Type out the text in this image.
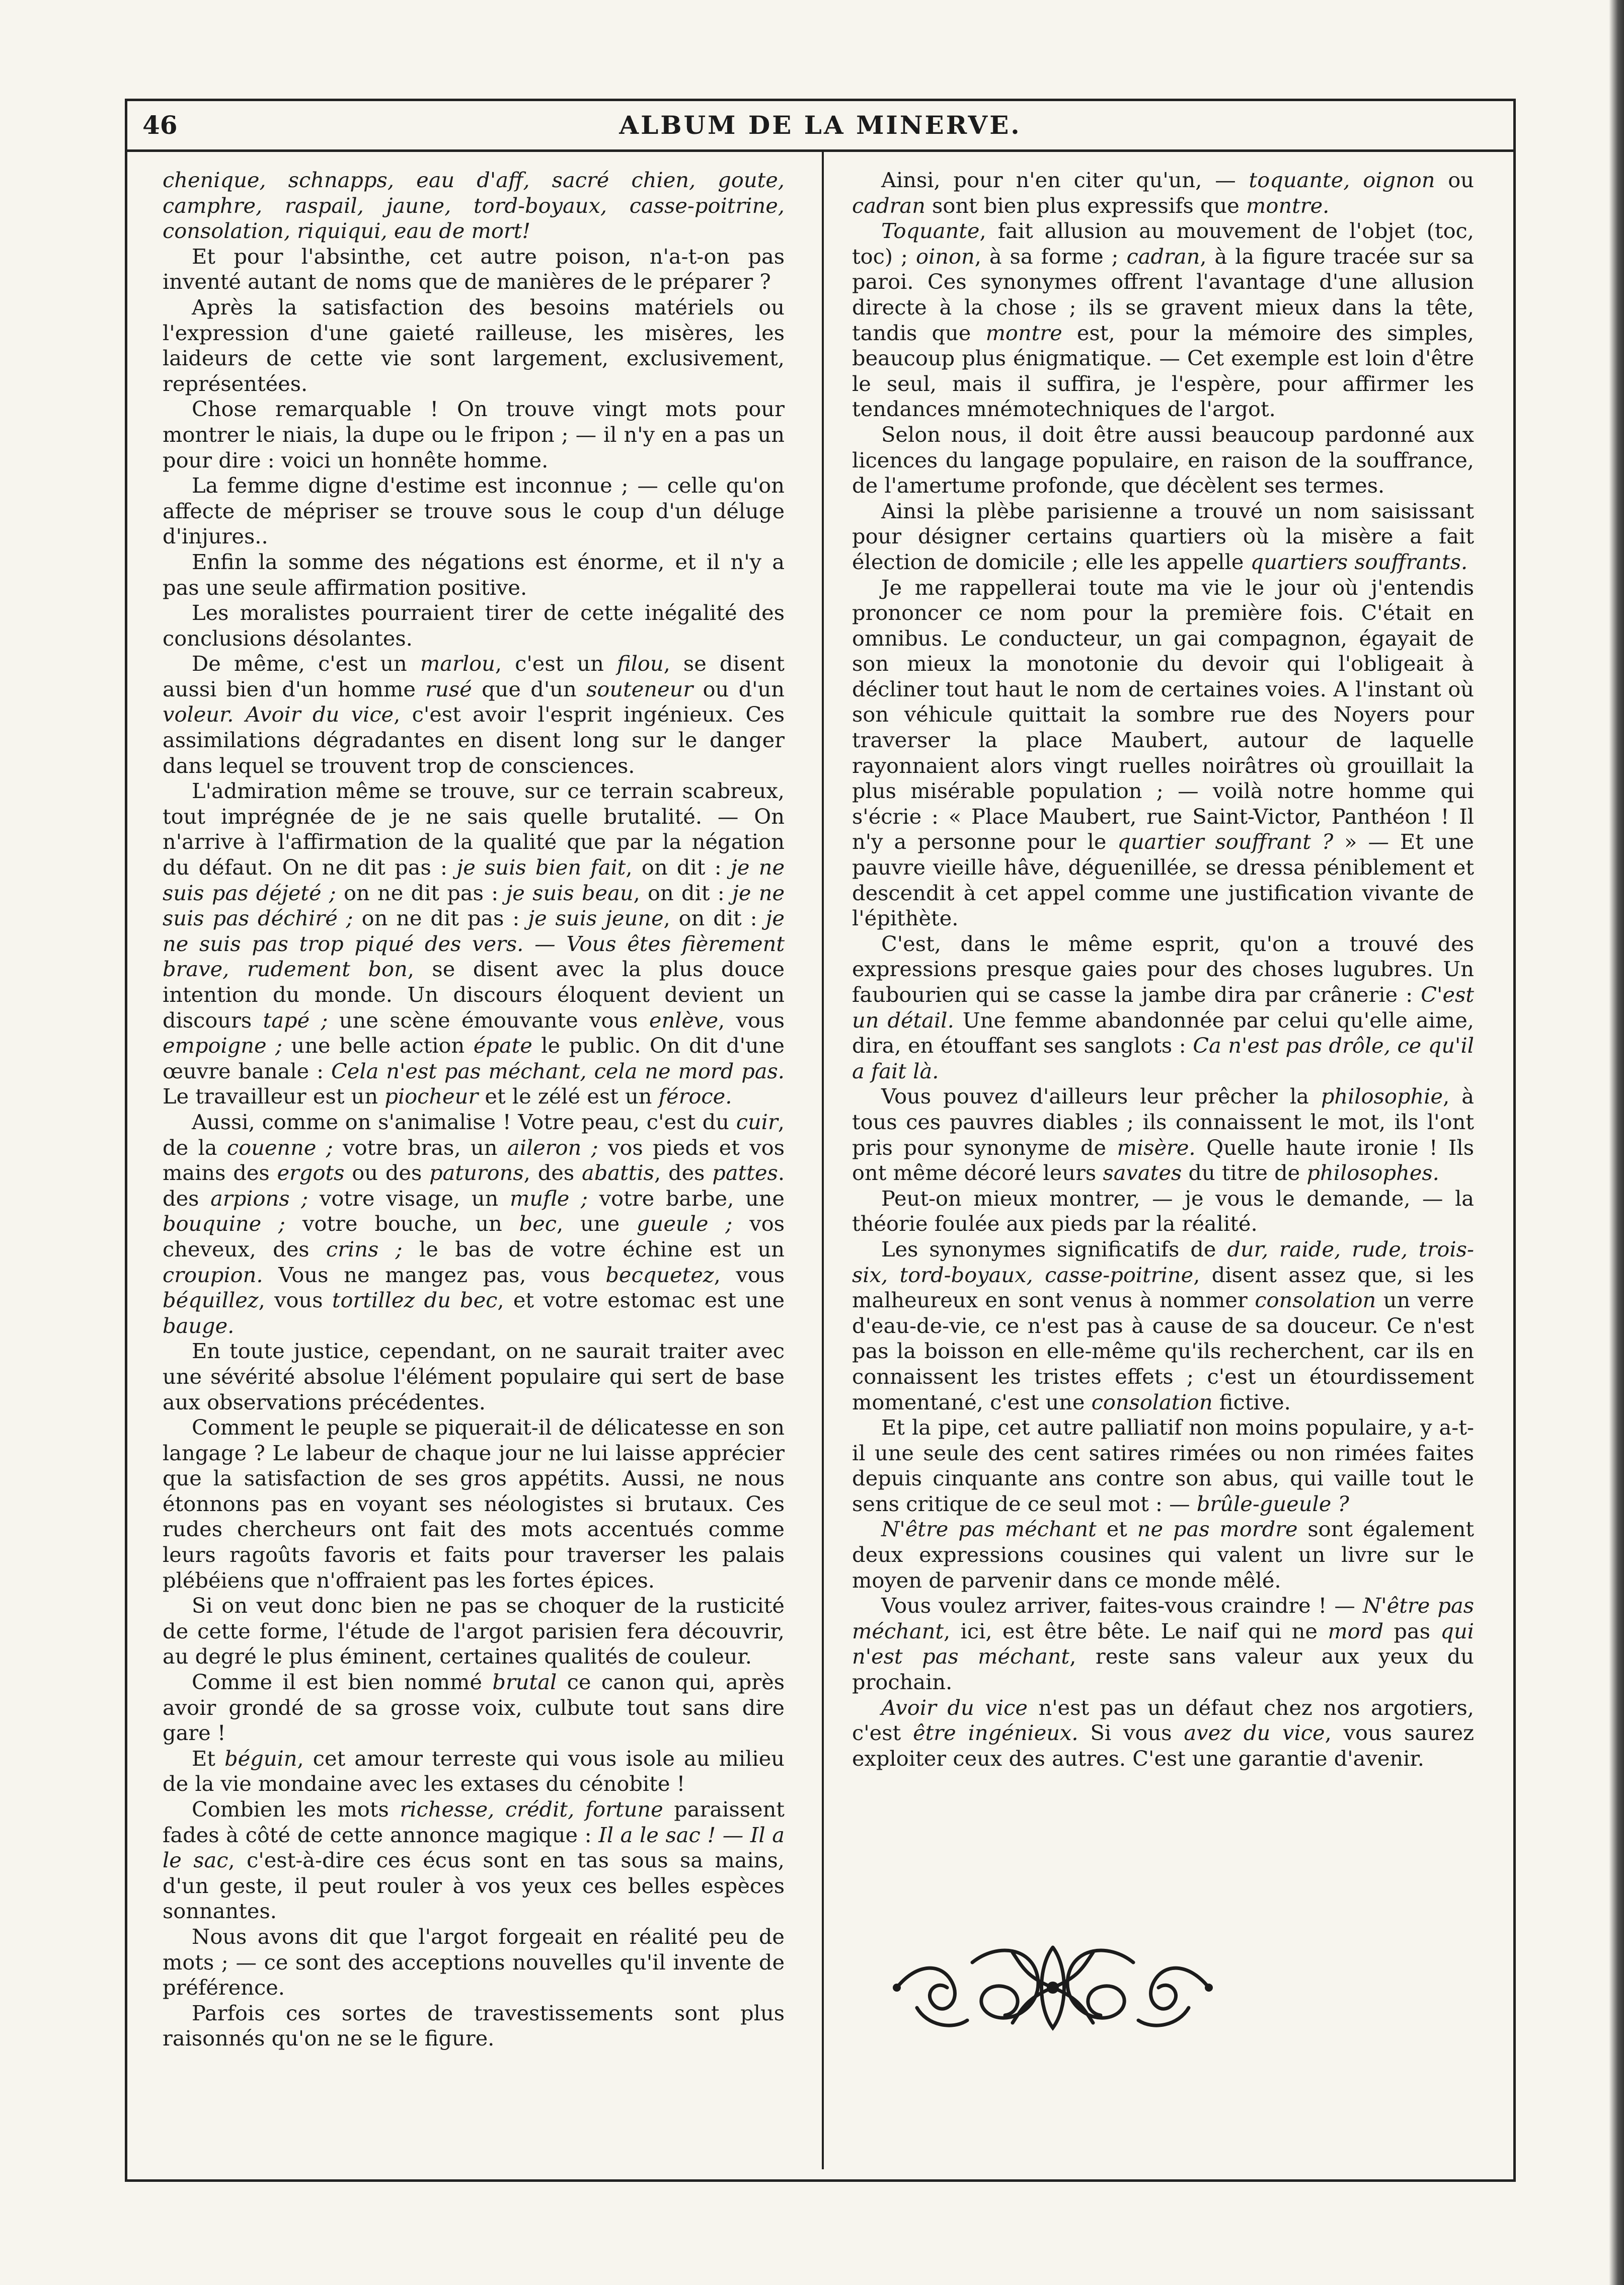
46	ALBUM DE LA MINERVE.

chenique, schnapps, eau d'aff, sacré chien, goute, camphre, raspail, jaune, tord-boyaux, casse-poitrine, consolation, riquiqui, eau de mort!

Et pour l'absinthe, cet autre poison, n'a-t-on pas inventé autant de noms que de manières de le préparer ?

Après la satisfaction des besoins matériels ou l'expression d'une gaieté railleuse, les misères, les laideurs de cette vie sont largement, exclusivement, représentées.

Chose remarquable ! On trouve vingt mots pour montrer le niais, la dupe ou le fripon ; — il n'y en a pas un pour dire : voici un honnête homme.

La femme digne d'estime est inconnue ; — celle qu'on affecte de mépriser se trouve sous le coup d'un déluge d'injures..

Enfin la somme des négations est énorme, et il n'y a pas une seule affirmation positive.

Les moralistes pourraient tirer de cette inégalité des conclusions désolantes.

De même, c'est un marlou, c'est un filou, se disent aussi bien d'un homme rusé que d'un souteneur ou d'un voleur. Avoir du vice, c'est avoir l'esprit ingénieux. Ces assimilations dégradantes en disent long sur le danger dans lequel se trouvent trop de consciences.

L'admiration même se trouve, sur ce terrain scabreux, tout imprégnée de je ne sais quelle brutalité. — On n'arrive à l'affirmation de la qualité que par la négation du défaut. On ne dit pas : je suis bien fait, on dit : je ne suis pas déjeté ; on ne dit pas : je suis beau, on dit : je ne suis pas déchiré ; on ne dit pas : je suis jeune, on dit : je ne suis pas trop piqué des vers. — Vous êtes fièrement brave, rudement bon, se disent avec la plus douce intention du monde. Un discours éloquent devient un discours tapé ; une scène émouvante vous enlève, vous empoigne ; une belle action épate le public. On dit d'une œuvre banale : Cela n'est pas méchant, cela ne mord pas. Le travailleur est un piocheur et le zélé est un féroce.

Aussi, comme on s'animalise ! Votre peau, c'est du cuir, de la couenne ; votre bras, un aileron ; vos pieds et vos mains des ergots ou des paturons, des abattis, des pattes. des arpions ; votre visage, un mufle ; votre barbe, une bouquine ; votre bouche, un bec, une gueule ; vos cheveux, des crins ; le bas de votre échine est un croupion. Vous ne mangez pas, vous becquetez, vous béquillez, vous tortillez du bec, et votre estomac est une bauge.

En toute justice, cependant, on ne saurait traiter avec une sévérité absolue l'élément populaire qui sert de base aux observations précédentes.

Comment le peuple se piquerait-il de délicatesse en son langage ? Le labeur de chaque jour ne lui laisse apprécier que la satisfaction de ses gros appétits. Aussi, ne nous étonnons pas en voyant ses néologistes si brutaux. Ces rudes chercheurs ont fait des mots accentués comme leurs ragoûts favoris et faits pour traverser les palais plébéiens que n'offraient pas les fortes épices.

Si on veut donc bien ne pas se choquer de la rusticité de cette forme, l'étude de l'argot parisien fera découvrir, au degré le plus éminent, certaines qualités de couleur.

Comme il est bien nommé brutal ce canon qui, après avoir grondé de sa grosse voix, culbute tout sans dire gare !

Et béguin, cet amour terreste qui vous isole au milieu de la vie mondaine avec les extases du cénobite !

Combien les mots richesse, crédit, fortune paraissent fades à côté de cette annonce magique : Il a le sac ! — Il a le sac, c'est-à-dire ces écus sont en tas sous sa mains, d'un geste, il peut rouler à vos yeux ces belles espèces sonnantes.

Nous avons dit que l'argot forgeait en réalité peu de mots ; — ce sont des acceptions nouvelles qu'il invente de préférence.

Parfois ces sortes de travestissements sont plus raisonnés qu'on ne se le figure.

Ainsi, pour n'en citer qu'un, — toquante, oignon ou cadran sont bien plus expressifs que montre.

Toquante, fait allusion au mouvement de l'objet (toc, toc) ; oinon, à sa forme ; cadran, à la figure tracée sur sa paroi. Ces synonymes offrent l'avantage d'une allusion directe à la chose ; ils se gravent mieux dans la tête, tandis que montre est, pour la mémoire des simples, beaucoup plus énigmatique. — Cet exemple est loin d'être le seul, mais il suffira, je l'espère, pour affirmer les tendances mnémotechniques de l'argot.

Selon nous, il doit être aussi beaucoup pardonné aux licences du langage populaire, en raison de la souffrance, de l'amertume profonde, que décèlent ses termes.

Ainsi la plèbe parisienne a trouvé un nom saisissant pour désigner certains quartiers où la misère a fait élection de domicile ; elle les appelle quartiers souffrants.

Je me rappellerai toute ma vie le jour où j'entendis prononcer ce nom pour la première fois. C'était en omnibus. Le conducteur, un gai compagnon, égayait de son mieux la monotonie du devoir qui l'obligeait à décliner tout haut le nom de certaines voies. A l'instant où son véhicule quittait la sombre rue des Noyers pour traverser la place Maubert, autour de laquelle rayonnaient alors vingt ruelles noirâtres où grouillait la plus misérable population ; — voilà notre homme qui s'écrie : « Place Maubert, rue Saint-Victor, Panthéon ! Il n'y a personne pour le quartier souffrant ? » — Et une pauvre vieille hâve, déguenillée, se dressa péniblement et descendit à cet appel comme une justification vivante de l'épithète.

C'est, dans le même esprit, qu'on a trouvé des expressions presque gaies pour des choses lugubres. Un faubourien qui se casse la jambe dira par crânerie : C'est un détail. Une femme abandonnée par celui qu'elle aime, dira, en étouffant ses sanglots : Ca n'est pas drôle, ce qu'il a fait là.

Vous pouvez d'ailleurs leur prêcher la philosophie, à tous ces pauvres diables ; ils connaissent le mot, ils l'ont pris pour synonyme de misère. Quelle haute ironie ! Ils ont même décoré leurs savates du titre de philosophes.

Peut-on mieux montrer, — je vous le demande, — la théorie foulée aux pieds par la réalité.

Les synonymes significatifs de dur, raide, rude, trois-six, tord-boyaux, casse-poitrine, disent assez que, si les malheureux en sont venus à nommer consolation un verre d'eau-de-vie, ce n'est pas à cause de sa douceur. Ce n'est pas la boisson en elle-même qu'ils recherchent, car ils en connaissent les tristes effets ; c'est un étourdissement momentané, c'est une consolation fictive.

Et la pipe, cet autre palliatif non moins populaire, y a-t-il une seule des cent satires rimées ou non rimées faites depuis cinquante ans contre son abus, qui vaille tout le sens critique de ce seul mot : — brûle-gueule ?

N'être pas méchant et ne pas mordre sont également deux expressions cousines qui valent un livre sur le moyen de parvenir dans ce monde mêlé.

Vous voulez arriver, faites-vous craindre ! — N'être pas méchant, ici, est être bête. Le naif qui ne mord pas qui n'est pas méchant, reste sans valeur aux yeux du prochain.

Avoir du vice n'est pas un défaut chez nos argotiers, c'est être ingénieux. Si vous avez du vice, vous saurez exploiter ceux des autres. C'est une garantie d'avenir.
